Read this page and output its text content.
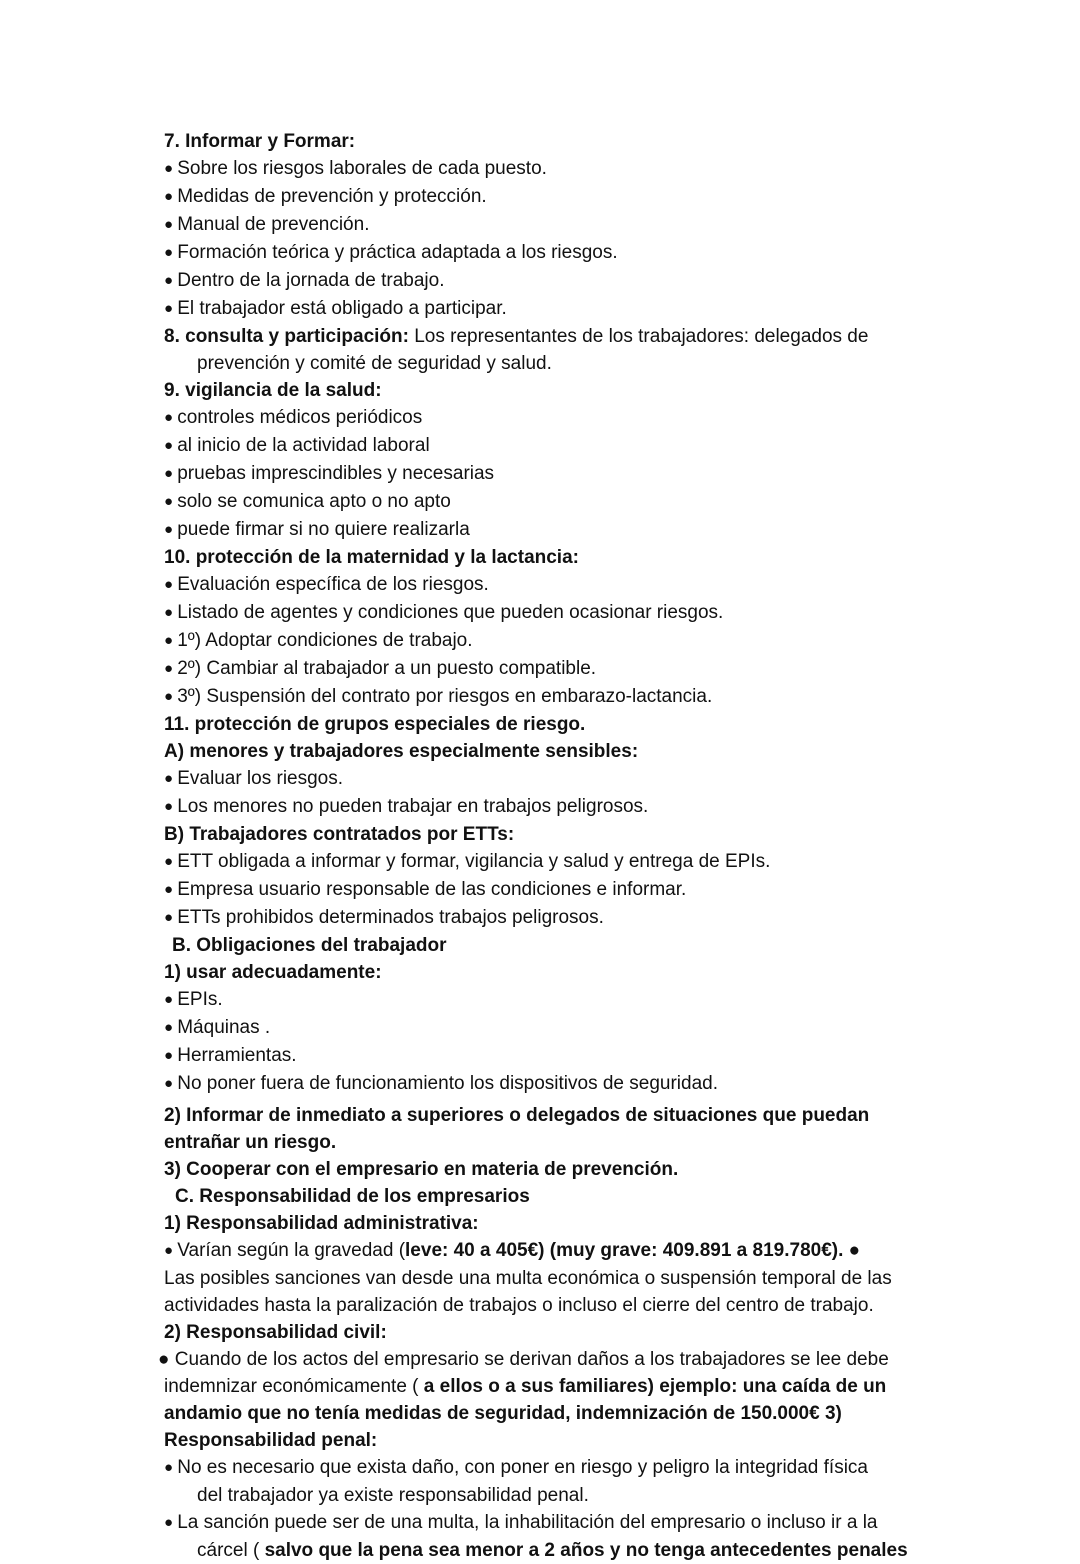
7. Informar y Formar:
● Sobre los riesgos laborales de cada puesto.
● Medidas de prevención y protección.
● Manual de prevención.
● Formación teórica y práctica adaptada a los riesgos.
● Dentro de la jornada de trabajo.
● El trabajador está obligado a participar.
8. consulta y participación: Los representantes de los trabajadores: delegados de
prevención y comité de seguridad y salud.
9. vigilancia de la salud:
● controles médicos periódicos
● al inicio de la actividad laboral
● pruebas imprescindibles y necesarias
● solo se comunica apto o no apto
● puede firmar si no quiere realizarla
10. protección de la maternidad y la lactancia:
● Evaluación específica de los riesgos.
● Listado de agentes y condiciones que pueden ocasionar riesgos.
● 1º) Adoptar condiciones de trabajo.
● 2º) Cambiar al trabajador a un puesto compatible.
● 3º) Suspensión del contrato por riesgos en embarazo-lactancia.
11. protección de grupos especiales de riesgo.
A) menores y trabajadores especialmente sensibles:
● Evaluar los riesgos.
● Los menores no pueden trabajar en trabajos peligrosos.
B) Trabajadores contratados por ETTs:
● ETT obligada a informar y formar, vigilancia y salud y entrega de EPIs.
● Empresa usuario responsable de las condiciones e informar.
● ETTs prohibidos determinados trabajos peligrosos.
B. Obligaciones del trabajador
1) usar adecuadamente:
● EPIs.
● Máquinas .
● Herramientas.
● No poner fuera de funcionamiento los dispositivos de seguridad.
2) Informar de inmediato a superiores o delegados de situaciones que puedan
entrañar un riesgo.
3) Cooperar con el empresario en materia de prevención.
C. Responsabilidad de los empresarios
1) Responsabilidad administrativa:
● Varían según la gravedad (leve: 40 a 405€) (muy grave: 409.891 a 819.780€). ●
Las posibles sanciones van desde una multa económica o suspensión temporal de las
actividades hasta la paralización de trabajos o incluso el cierre del centro de trabajo.
2) Responsabilidad civil:
● Cuando de los actos del empresario se derivan daños a los trabajadores se lee debe
indemnizar económicamente ( a ellos o a sus familiares) ejemplo: una caída de un
andamio que no tenía medidas de seguridad, indemnización de 150.000€ 3)
Responsabilidad penal:
● No es necesario que exista daño, con poner en riesgo y peligro la integridad física
del trabajador ya existe responsabilidad penal.
● La sanción puede ser de una multa, la inhabilitación del empresario o incluso ir a la
cárcel ( salvo que la pena sea menor a 2 años y no tenga antecedentes penales
